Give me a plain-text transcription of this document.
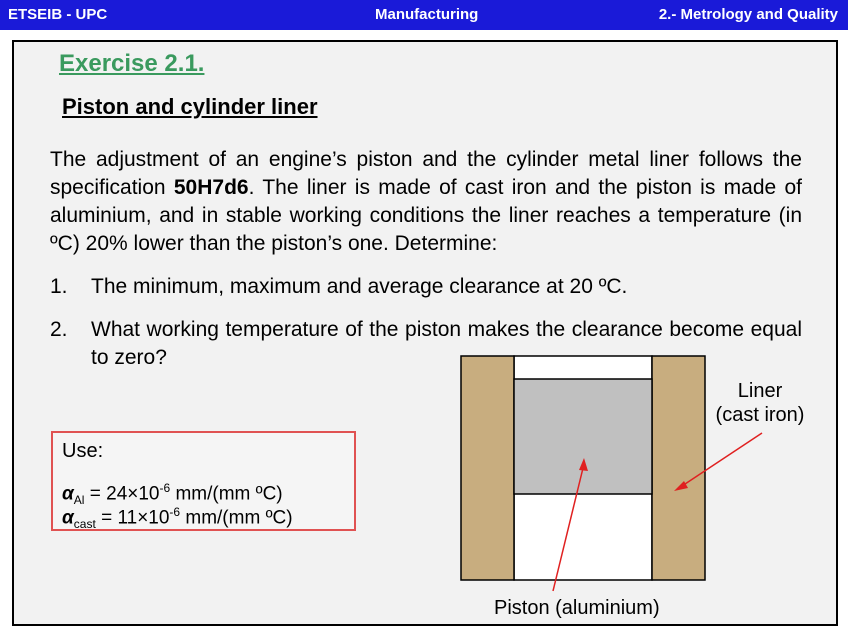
ETSEIB - UPC	Manufacturing	2.- Metrology and Quality
Exercise 2.1.
Piston and cylinder liner
The adjustment of an engine’s piston and the cylinder metal liner follows the specification 50H7d6. The liner is made of cast iron and the piston is made of aluminium, and in stable working conditions the liner reaches a temperature (in ºC) 20% lower than the piston’s one. Determine:
1. The minimum, maximum and average clearance at 20 ºC.
2. What working temperature of the piston makes the clearance become equal to zero?
Use:
$\alpha_{Al} = 24\times 10^{-6}$ mm/(mm ºC)
$\alpha_{cast} = 11\times 10^{-6}$ mm/(mm ºC)
Liner
(cast iron)
Piston (aluminium)
